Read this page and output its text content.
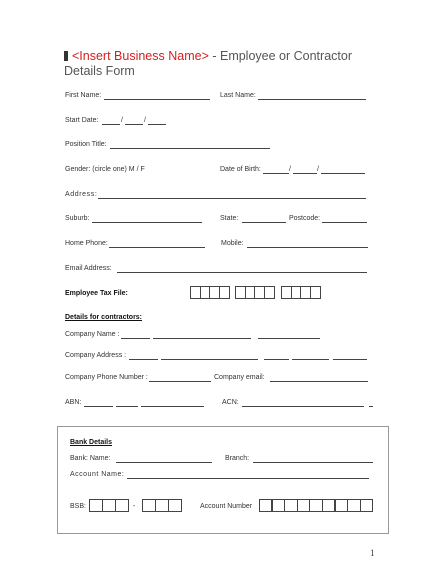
<Insert Business Name> - Employee or Contractor
Details Form
First Name:	Last Name:
Start Date:	/	/
Position Title:
Gender: (circle one) M / F	Date of Birth:	/	/
Address:
Suburb:	State:	Postcode:
Home Phone:	Mobile:
Email Address:
Employee Tax File:
Details for contractors:
Company Name :
Company Address :
Company Phone Number :	Company email:
ABN:	ACN:
Bank Details
Bank: Name:	Branch:
Account Name:
BSB:	-	Account Number
1
